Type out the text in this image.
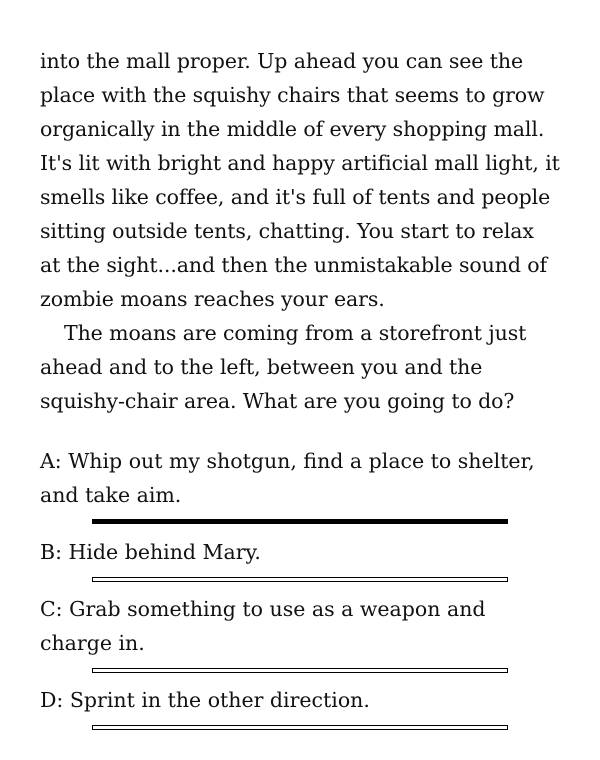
into the mall proper. Up ahead you can see the place with the squishy chairs that seems to grow organically in the middle of every shopping mall. It's lit with bright and happy artificial mall light, it smells like coffee, and it's full of tents and people sitting outside tents, chatting. You start to relax at the sight...and then the unmistakable sound of zombie moans reaches your ears.

The moans are coming from a storefront just ahead and to the left, between you and the squishy-chair area. What are you going to do?

A: Whip out my shotgun, find a place to shelter, and take aim.

B: Hide behind Mary.

C: Grab something to use as a weapon and charge in.

D: Sprint in the other direction.
